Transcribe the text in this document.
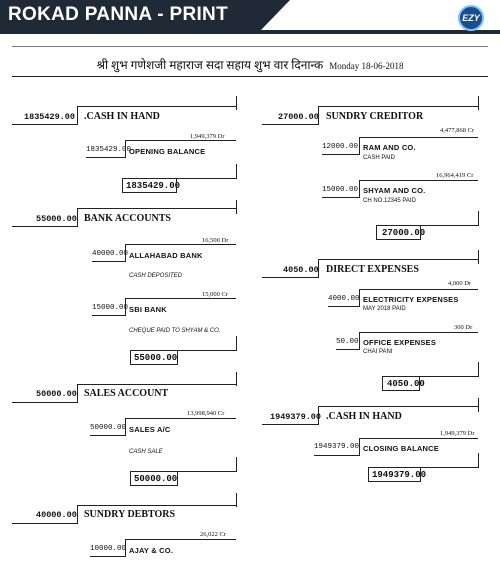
ROKAD PANNA - PRINT	EZY
श्री शुभ गणेशजी महाराज सदा सहाय शुभ वार दिनान्क Monday 18-06-2018
1835429.00 .CASH IN HAND
1,949,379 Dr
1835429.00
OPENING BALANCE
1835429.00
55000.00 BANK ACCOUNTS
16,500 Dr
40000.00 ALLAHABAD BANK
CASH DEPOSITED
15,000 Cr
15000.00 SBI BANK
CHEQUE PAID TO SHYAM & CO.
55000.00
50000.00 SALES ACCOUNT
13,998,940 Cr
50000.00 SALES A/C
CASH SALE
50000.00
40000.00 SUNDRY DEBTORS
26,022 Cr
10000.00 AJAY & CO.
27000.00 SUNDRY CREDITOR
4,477,868 Cr
12000.00 RAM AND CO.
CASH PAID
16,964,419 Cr
15000.00 SHYAM AND CO.
CH NO.12345 PAID
27000.00
4050.00 DIRECT EXPENSES
4,000 Dr
4000.00 ELECTRICITY EXPENSES
MAY 2018 PAID
300 Dr
50.00 OFFICE EXPENSES
CHAI PANI
4050.00
1949379.00 .CASH IN HAND
1,949,379 Dr
1949379.00 CLOSING BALANCE
1949379.00
